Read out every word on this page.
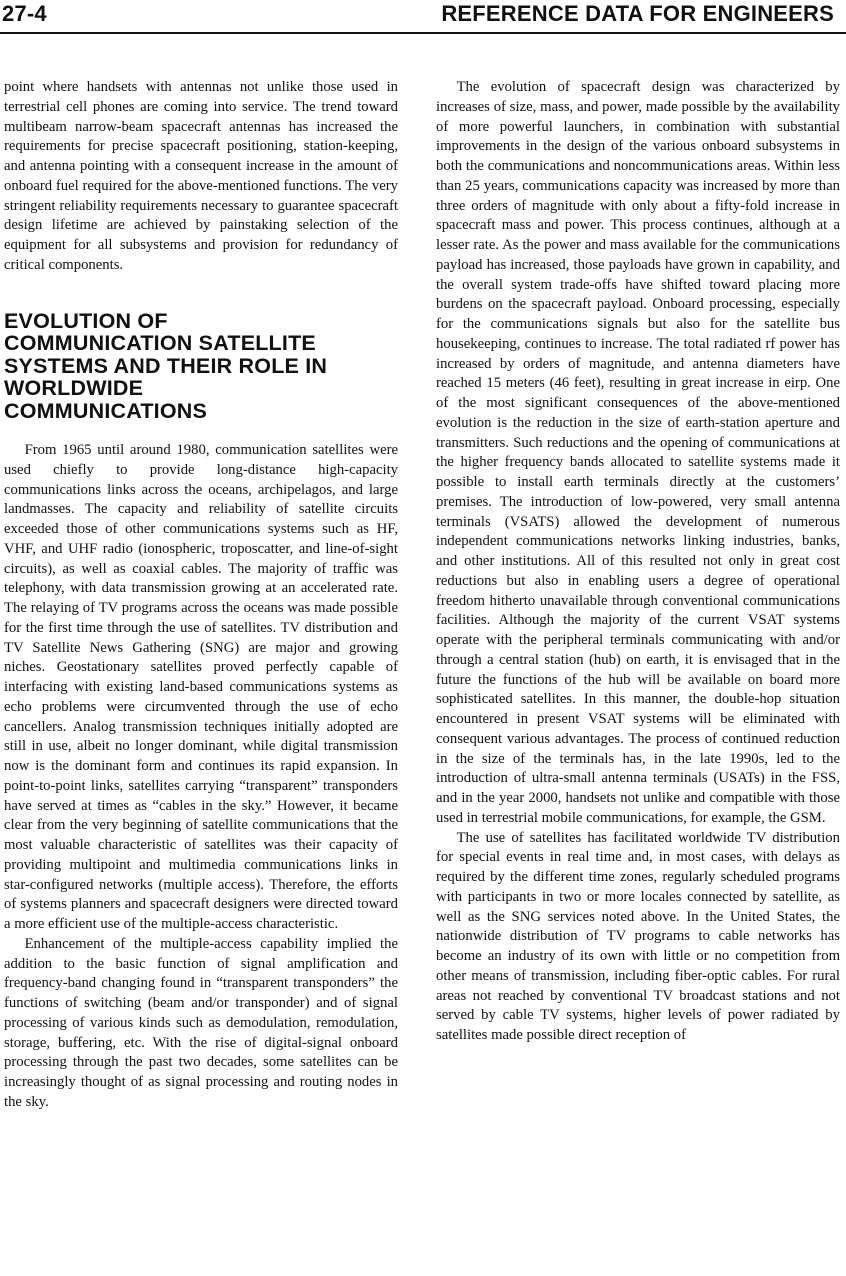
27-4	REFERENCE DATA FOR ENGINEERS

point where handsets with antennas not unlike those used in terrestrial cell phones are coming into service. The trend toward multibeam narrow-beam spacecraft antennas has increased the requirements for precise spacecraft positioning, station-keeping, and antenna pointing with a consequent increase in the amount of onboard fuel required for the above-mentioned functions. The very stringent reliability requirements necessary to guarantee spacecraft design lifetime are achieved by painstaking selection of the equipment for all subsystems and provision for redundancy of critical components.

EVOLUTION OF
COMMUNICATION SATELLITE
SYSTEMS AND THEIR ROLE IN
WORLDWIDE
COMMUNICATIONS

From 1965 until around 1980, communication satellites were used chiefly to provide long-distance high-capacity communications links across the oceans, archipelagos, and large landmasses. The capacity and reliability of satellite circuits exceeded those of other communications systems such as HF, VHF, and UHF radio (ionospheric, troposcatter, and line-of-sight circuits), as well as coaxial cables. The majority of traffic was telephony, with data transmission growing at an accelerated rate. The relaying of TV programs across the oceans was made possible for the first time through the use of satellites. TV distribution and TV Satellite News Gathering (SNG) are major and growing niches. Geostationary satellites proved perfectly capable of interfacing with existing land-based communications systems as echo problems were circumvented through the use of echo cancellers. Analog transmission techniques initially adopted are still in use, albeit no longer dominant, while digital transmission now is the dominant form and continues its rapid expansion. In point-to-point links, satellites carrying “transparent” transponders have served at times as “cables in the sky.” However, it became clear from the very beginning of satellite communications that the most valuable characteristic of satellites was their capacity of providing multipoint and multimedia communications links in star-configured networks (multiple access). Therefore, the efforts of systems planners and spacecraft designers were directed toward a more efficient use of the multiple-access characteristic.

Enhancement of the multiple-access capability implied the addition to the basic function of signal amplification and frequency-band changing found in “transparent transponders” the functions of switching (beam and/or transponder) and of signal processing of various kinds such as demodulation, remodulation, storage, buffering, etc. With the rise of digital-signal onboard processing through the past two decades, some satellites can be increasingly thought of as signal processing and routing nodes in the sky.

The evolution of spacecraft design was characterized by increases of size, mass, and power, made possible by the availability of more powerful launchers, in combination with substantial improvements in the design of the various onboard subsystems in both the communications and noncommunications areas. Within less than 25 years, communications capacity was increased by more than three orders of magnitude with only about a fifty-fold increase in spacecraft mass and power. This process continues, although at a lesser rate. As the power and mass available for the communications payload has increased, those payloads have grown in capability, and the overall system trade-offs have shifted toward placing more burdens on the spacecraft payload. Onboard processing, especially for the communications signals but also for the satellite bus housekeeping, continues to increase. The total radiated rf power has increased by orders of magnitude, and antenna diameters have reached 15 meters (46 feet), resulting in great increase in eirp. One of the most significant consequences of the above-mentioned evolution is the reduction in the size of earth-station aperture and transmitters. Such reductions and the opening of communications at the higher frequency bands allocated to satellite systems made it possible to install earth terminals directly at the customers’ premises. The introduction of low-powered, very small antenna terminals (VSATS) allowed the development of numerous independent communications networks linking industries, banks, and other institutions. All of this resulted not only in great cost reductions but also in enabling users a degree of operational freedom hitherto unavailable through conventional communications facilities. Although the majority of the current VSAT systems operate with the peripheral terminals communicating with and/or through a central station (hub) on earth, it is envisaged that in the future the functions of the hub will be available on board more sophisticated satellites. In this manner, the double-hop situation encountered in present VSAT systems will be eliminated with consequent various advantages. The process of continued reduction in the size of the terminals has, in the late 1990s, led to the introduction of ultra-small antenna terminals (USATs) in the FSS, and in the year 2000, handsets not unlike and compatible with those used in terrestrial mobile communications, for example, the GSM.

The use of satellites has facilitated worldwide TV distribution for special events in real time and, in most cases, with delays as required by the different time zones, regularly scheduled programs with participants in two or more locales connected by satellite, as well as the SNG services noted above. In the United States, the nationwide distribution of TV programs to cable networks has become an industry of its own with little or no competition from other means of transmission, including fiber-optic cables. For rural areas not reached by conventional TV broadcast stations and not served by cable TV systems, higher levels of power radiated by satellites made possible direct reception of
